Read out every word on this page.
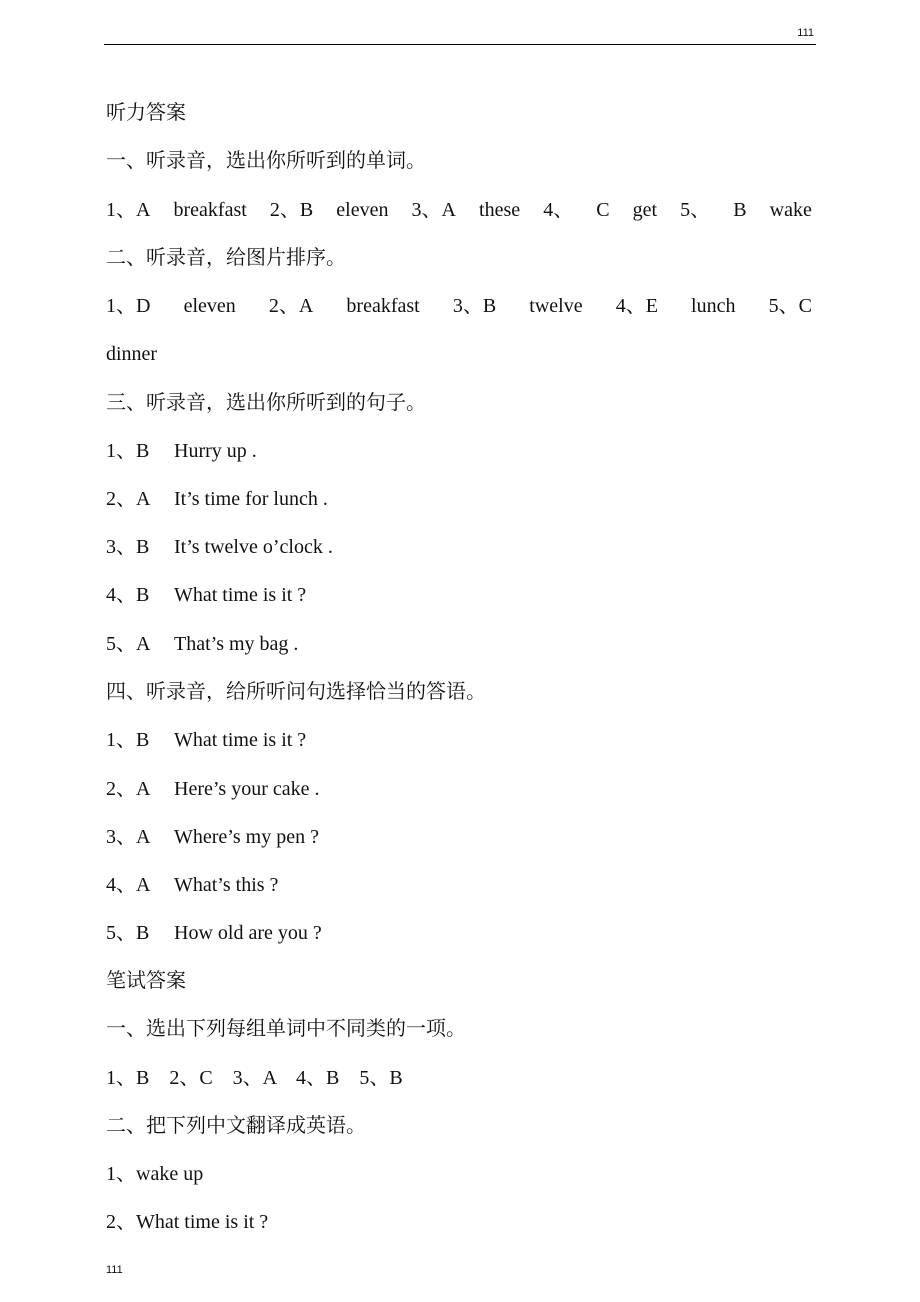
111
听力答案
一、听录音，选出你所听到的单词。
1、A breakfast 2、B eleven 3、A these 4、 C get 5、 B wake
二、听录音，给图片排序。
1、D eleven 2、A breakfast 3、B twelve 4、E lunch 5、C
dinner
三、听录音，选出你所听到的句子。
1、B Hurry up .
2、A It’s time for lunch .
3、B It’s twelve o’clock .
4、B What time is it ?
5、A That’s my bag .
四、听录音，给所听问句选择恰当的答语。
1、B What time is it ?
2、A Here’s your cake .
3、A Where’s my pen ?
4、A What’s this ?
5、B How old are you ?
笔试答案
一、选出下列每组单词中不同类的一项。
1、B    2、C    3、A    4、B    5、B
二、把下列中文翻译成英语。
1、wake up
2、What time is it ?
111
